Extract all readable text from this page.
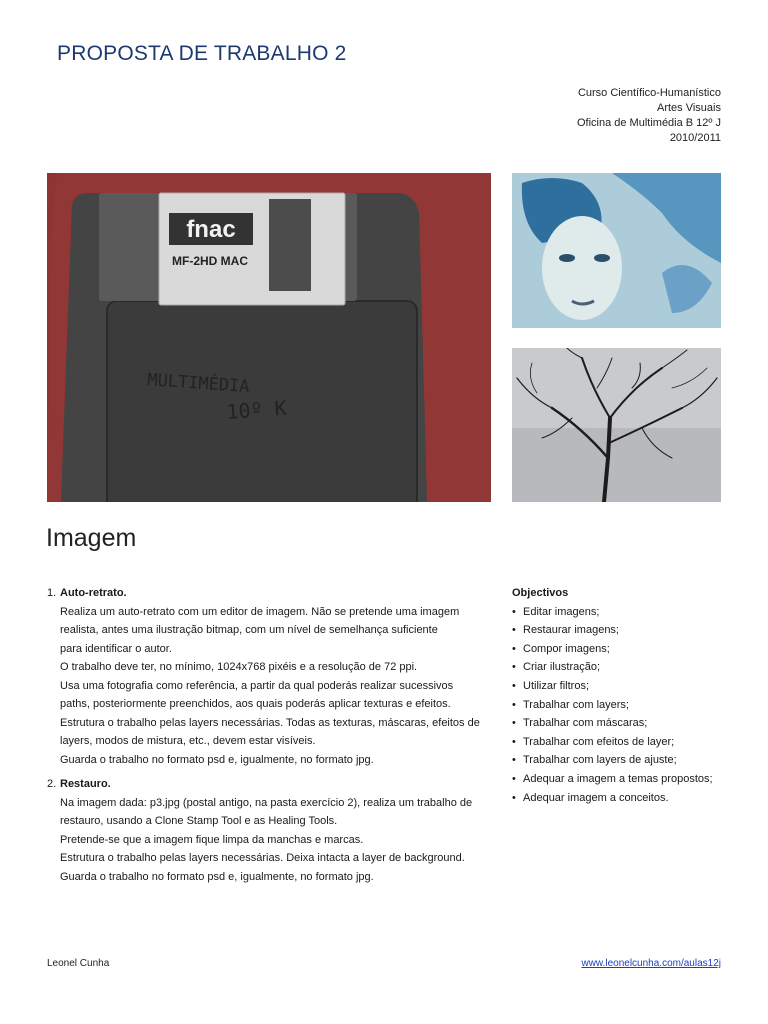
PROPOSTA DE TRABALHO 2
Curso Científico-Humanístico
Artes Visuais
Oficina de Multimédia B 12º J
2010/2011
fnac
MF-2HD MAC
MULTIMÉDIA
10º K
Imagem
1. Auto-retrato.

Realiza um auto-retrato com um editor de imagem. Não se pretende uma imagem

realista, antes uma ilustração bitmap, com um nível de semelhança suficiente

para identificar o autor.

O trabalho deve ter, no mínimo, 1024x768 pixéis e a resolução de 72 ppi.

Usa uma fotografia como referência, a partir da qual poderás realizar sucessivos

paths, posteriormente preenchidos, aos quais poderás aplicar texturas e efeitos.

Estrutura o trabalho pelas layers necessárias. Todas as texturas, máscaras, efeitos de

layers, modos de mistura, etc., devem estar visíveis.

Guarda o trabalho no formato psd e, igualmente, no formato jpg.

2. Restauro.

Na imagem dada: p3.jpg (postal antigo, na pasta exercício 2), realiza um trabalho de

restauro, usando a Clone Stamp Tool e as Healing Tools.

Pretende-se que a imagem fique limpa da manchas e marcas.

Estrutura o trabalho pelas layers necessárias. Deixa intacta a layer de background.

Guarda o trabalho no formato psd e, igualmente, no formato jpg.

Objectivos
• Editar imagens;
• Restaurar imagens;
• Compor imagens;
• Criar ilustração;
• Utilizar filtros;
• Trabalhar com layers;
• Trabalhar com máscaras;
• Trabalhar com efeitos de layer;
• Trabalhar com layers de ajuste;
• Adequar a imagem a temas propostos;
• Adequar imagem a conceitos.
Leonel Cunha	www.leonelcunha.com/aulas12j
